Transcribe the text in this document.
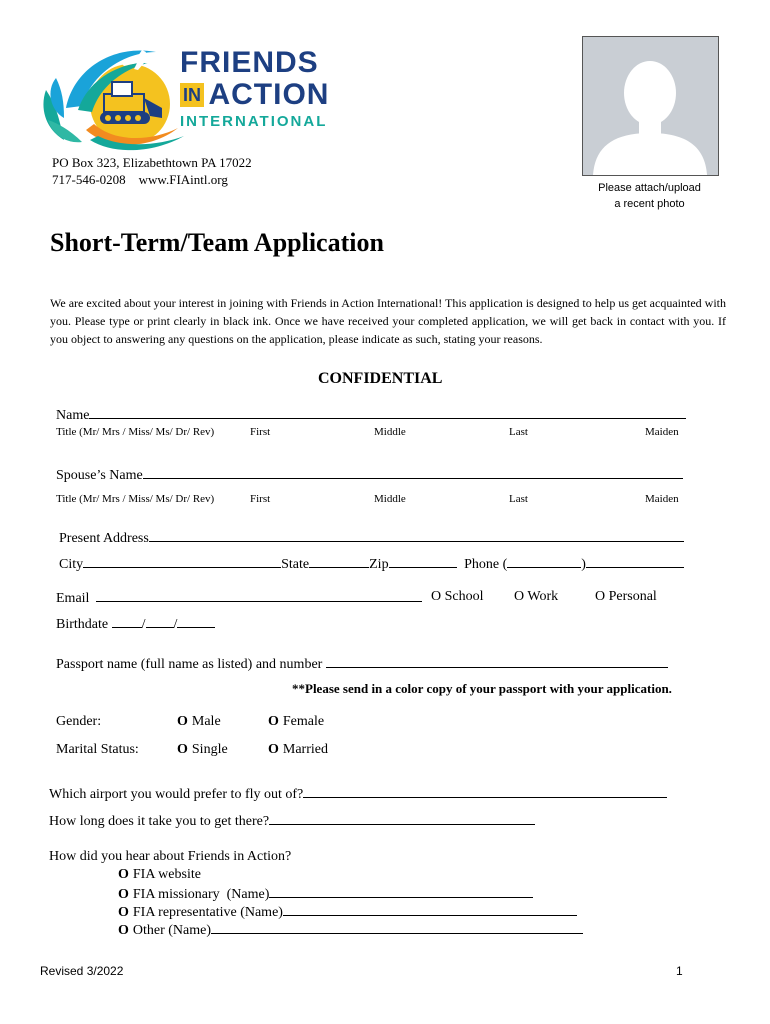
FRIENDS
IN ACTION
INTERNATIONAL
PO Box 323, Elizabethtown PA 17022
717-546-0208    www.FIAintl.org
Please attach/upload
a recent photo
Short-Term/Team Application
We are excited about your interest in joining with Friends in Action International! This application is designed to help us get acquainted with you. Please type or print clearly in black ink. Once we have received your completed application, we will get back in contact with you. If you object to answering any questions on the application, please indicate as such, stating your reasons.
CONFIDENTIAL
Name
Title (Mr/ Mrs / Miss/ Ms/ Dr/ Rev)	First	Middle	Last	Maiden
Spouse’s Name
Title (Mr/ Mrs / Miss/ Ms/ Dr/ Rev)	First	Middle	Last	Maiden
Present Address
City	State	Zip	Phone (	)
Email	O School O Work	O Personal
Birthdate / /
Passport name (full name as listed) and number
**Please send in a color copy of your passport with your application.
Gender:	O Male	O Female
Marital Status:	O Single	O Married
Which airport you would prefer to fly out of?
How long does it take you to get there?
How did you hear about Friends in Action?
O FIA website
O FIA missionary  (Name)
O FIA representative (Name)
O Other (Name)
Revised 3/2022	1
